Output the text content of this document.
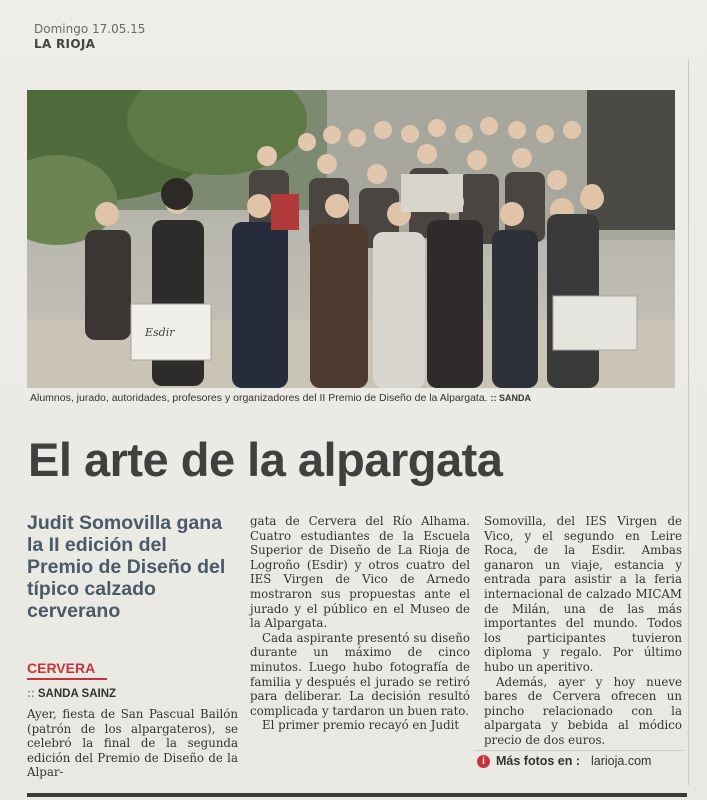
Domingo 17.05.15
LA RIOJA
Esdir
Alumnos, jurado, autoridades, profesores y organizadores del II Premio de Diseño de la Alpargata. :: SANDA
El arte de la alpargata
Judit Somovilla gana la II edición del Premio de Diseño del típico calzado cerverano
CERVERA
:: SANDA SAINZ

Ayer, fiesta de San Pascual Bailón (patrón de los alpargateros), se celebró la final de la segunda edición del Premio de Diseño de la Alpar-

gata de Cervera del Río Alhama. Cuatro estudiantes de la Escuela Superior de Diseño de La Rioja de Logroño (Esdir) y otros cuatro del IES Virgen de Vico de Arnedo mostraron sus propuestas ante el jurado y el público en el Museo de la Alpargata.

Cada aspirante presentó su diseño durante un máximo de cinco minutos. Luego hubo fotografía de familia y después el jurado se retiró para deliberar. La decisión resultó complicada y tardaron un buen rato.

El primer premio recayó en Judit

Somovilla, del IES Virgen de Vico, y el segundo en Leire Roca, de la Esdir. Ambas ganaron un viaje, estancia y entrada para asistir a la feria internacional de calzado MICAM de Milán, una de las más importantes del mundo. Todos los participantes tuvieron diploma y regalo. Por último hubo un aperitivo.

Además, ayer y hoy nueve bares de Cervera ofrecen un pincho relacionado con la alpargata y bebida al módico precio de dos euros.

i Más fotos en : larioja.com
